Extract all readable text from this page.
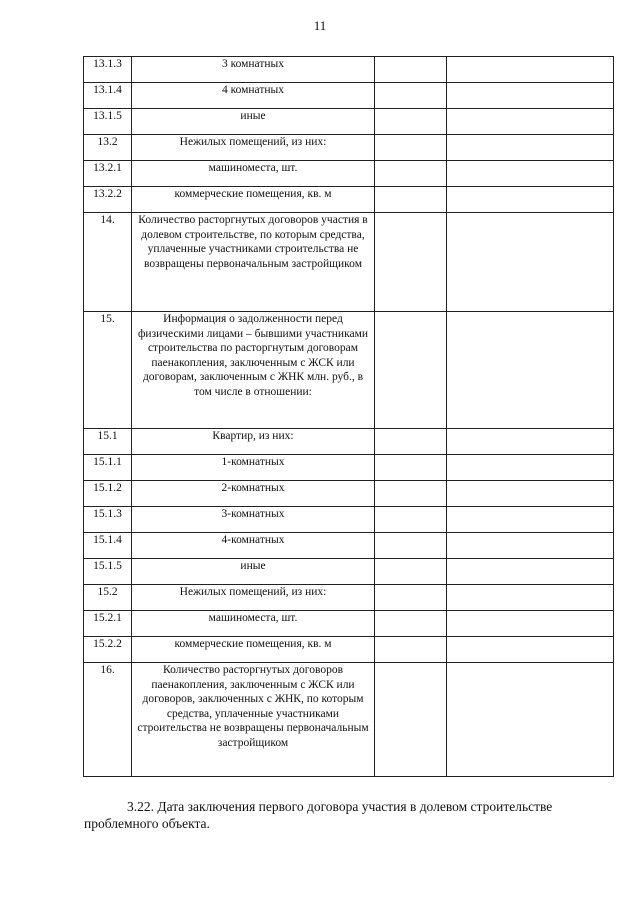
11
13.1.3	3 комнатных		
13.1.4	4 комнатных		
13.1.5	иные		
13.2	Нежилых помещений, из них:		
13.2.1	машиноместа, шт.		
13.2.2	коммерческие помещения, кв. м		
14.	Количество расторгнутых договоров участия в долевом строительстве, по которым средства, уплаченные участниками строительства не возвращены первоначальным застройщиком		
15.	Информация о задолженности перед физическими лицами – бывшими участниками строительства по расторгнутым договорам паенакопления, заключенным с ЖСК или договорам, заключенным с ЖНК млн. руб., в том числе в отношении:		
15.1	Квартир, из них:		
15.1.1	1-комнатных		
15.1.2	2-комнатных		
15.1.3	3-комнатных		
15.1.4	4-комнатных		
15.1.5	иные		
15.2	Нежилых помещений, из них:		
15.2.1	машиноместа, шт.		
15.2.2	коммерческие помещения, кв. м		
16.	Количество расторгнутых договоров паенакопления, заключенным с ЖСК или договоров, заключенных с ЖНК, по которым средства, уплаченные участниками строительства не возвращены первоначальным застройщиком		
3.22. Дата заключения первого договора участия в долевом строительстве
проблемного объекта.
